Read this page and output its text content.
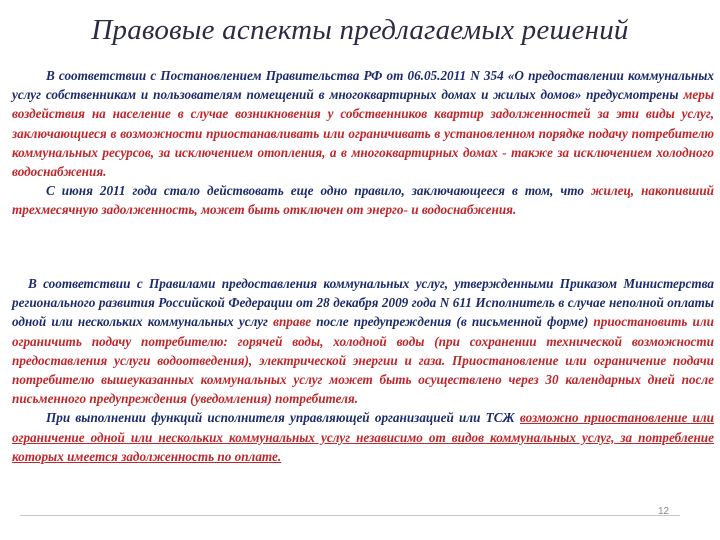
Правовые аспекты предлагаемых решений

В соответствии с Постановлением Правительства РФ от 06.05.2011 N 354 «О предоставлении коммунальных услуг собственникам и пользователям помещений в многоквартирных домах и жилых домов» предусмотрены меры воздействия на население в случае возникновения у собственников квартир задолженностей за эти виды услуг, заключающиеся в возможности приостанавливать или ограничивать в установленном порядке подачу потребителю коммунальных ресурсов, за исключением отопления, а в многоквартирных домах - также за исключением холодного водоснабжения.

С июня 2011 года стало действовать еще одно правило, заключающееся в том, что жилец, накопивший трехмесячную задолженность, может быть отключен от энерго- и водоснабжения.

В соответствии с Правилами предоставления коммунальных услуг, утвержденными Приказом Министерства регионального развития Российской Федерации от 28 декабря 2009 года N 611 Исполнитель в случае неполной оплаты одной или нескольких коммунальных услуг вправе после предупреждения (в письменной форме) приостановить или ограничить подачу потребителю: горячей воды, холодной воды (при сохранении технической возможности предоставления услуги водоотведения), электрической энергии и газа. Приостановление или ограничение подачи потребителю вышеуказанных коммунальных услуг может быть осуществлено через 30 календарных дней после письменного предупреждения (уведомления) потребителя.

При выполнении функций исполнителя управляющей организацией или ТСЖ возможно приостановление или ограничение одной или нескольких коммунальных услуг независимо от видов коммунальных услуг, за потребление которых имеется задолженность по оплате.

12
